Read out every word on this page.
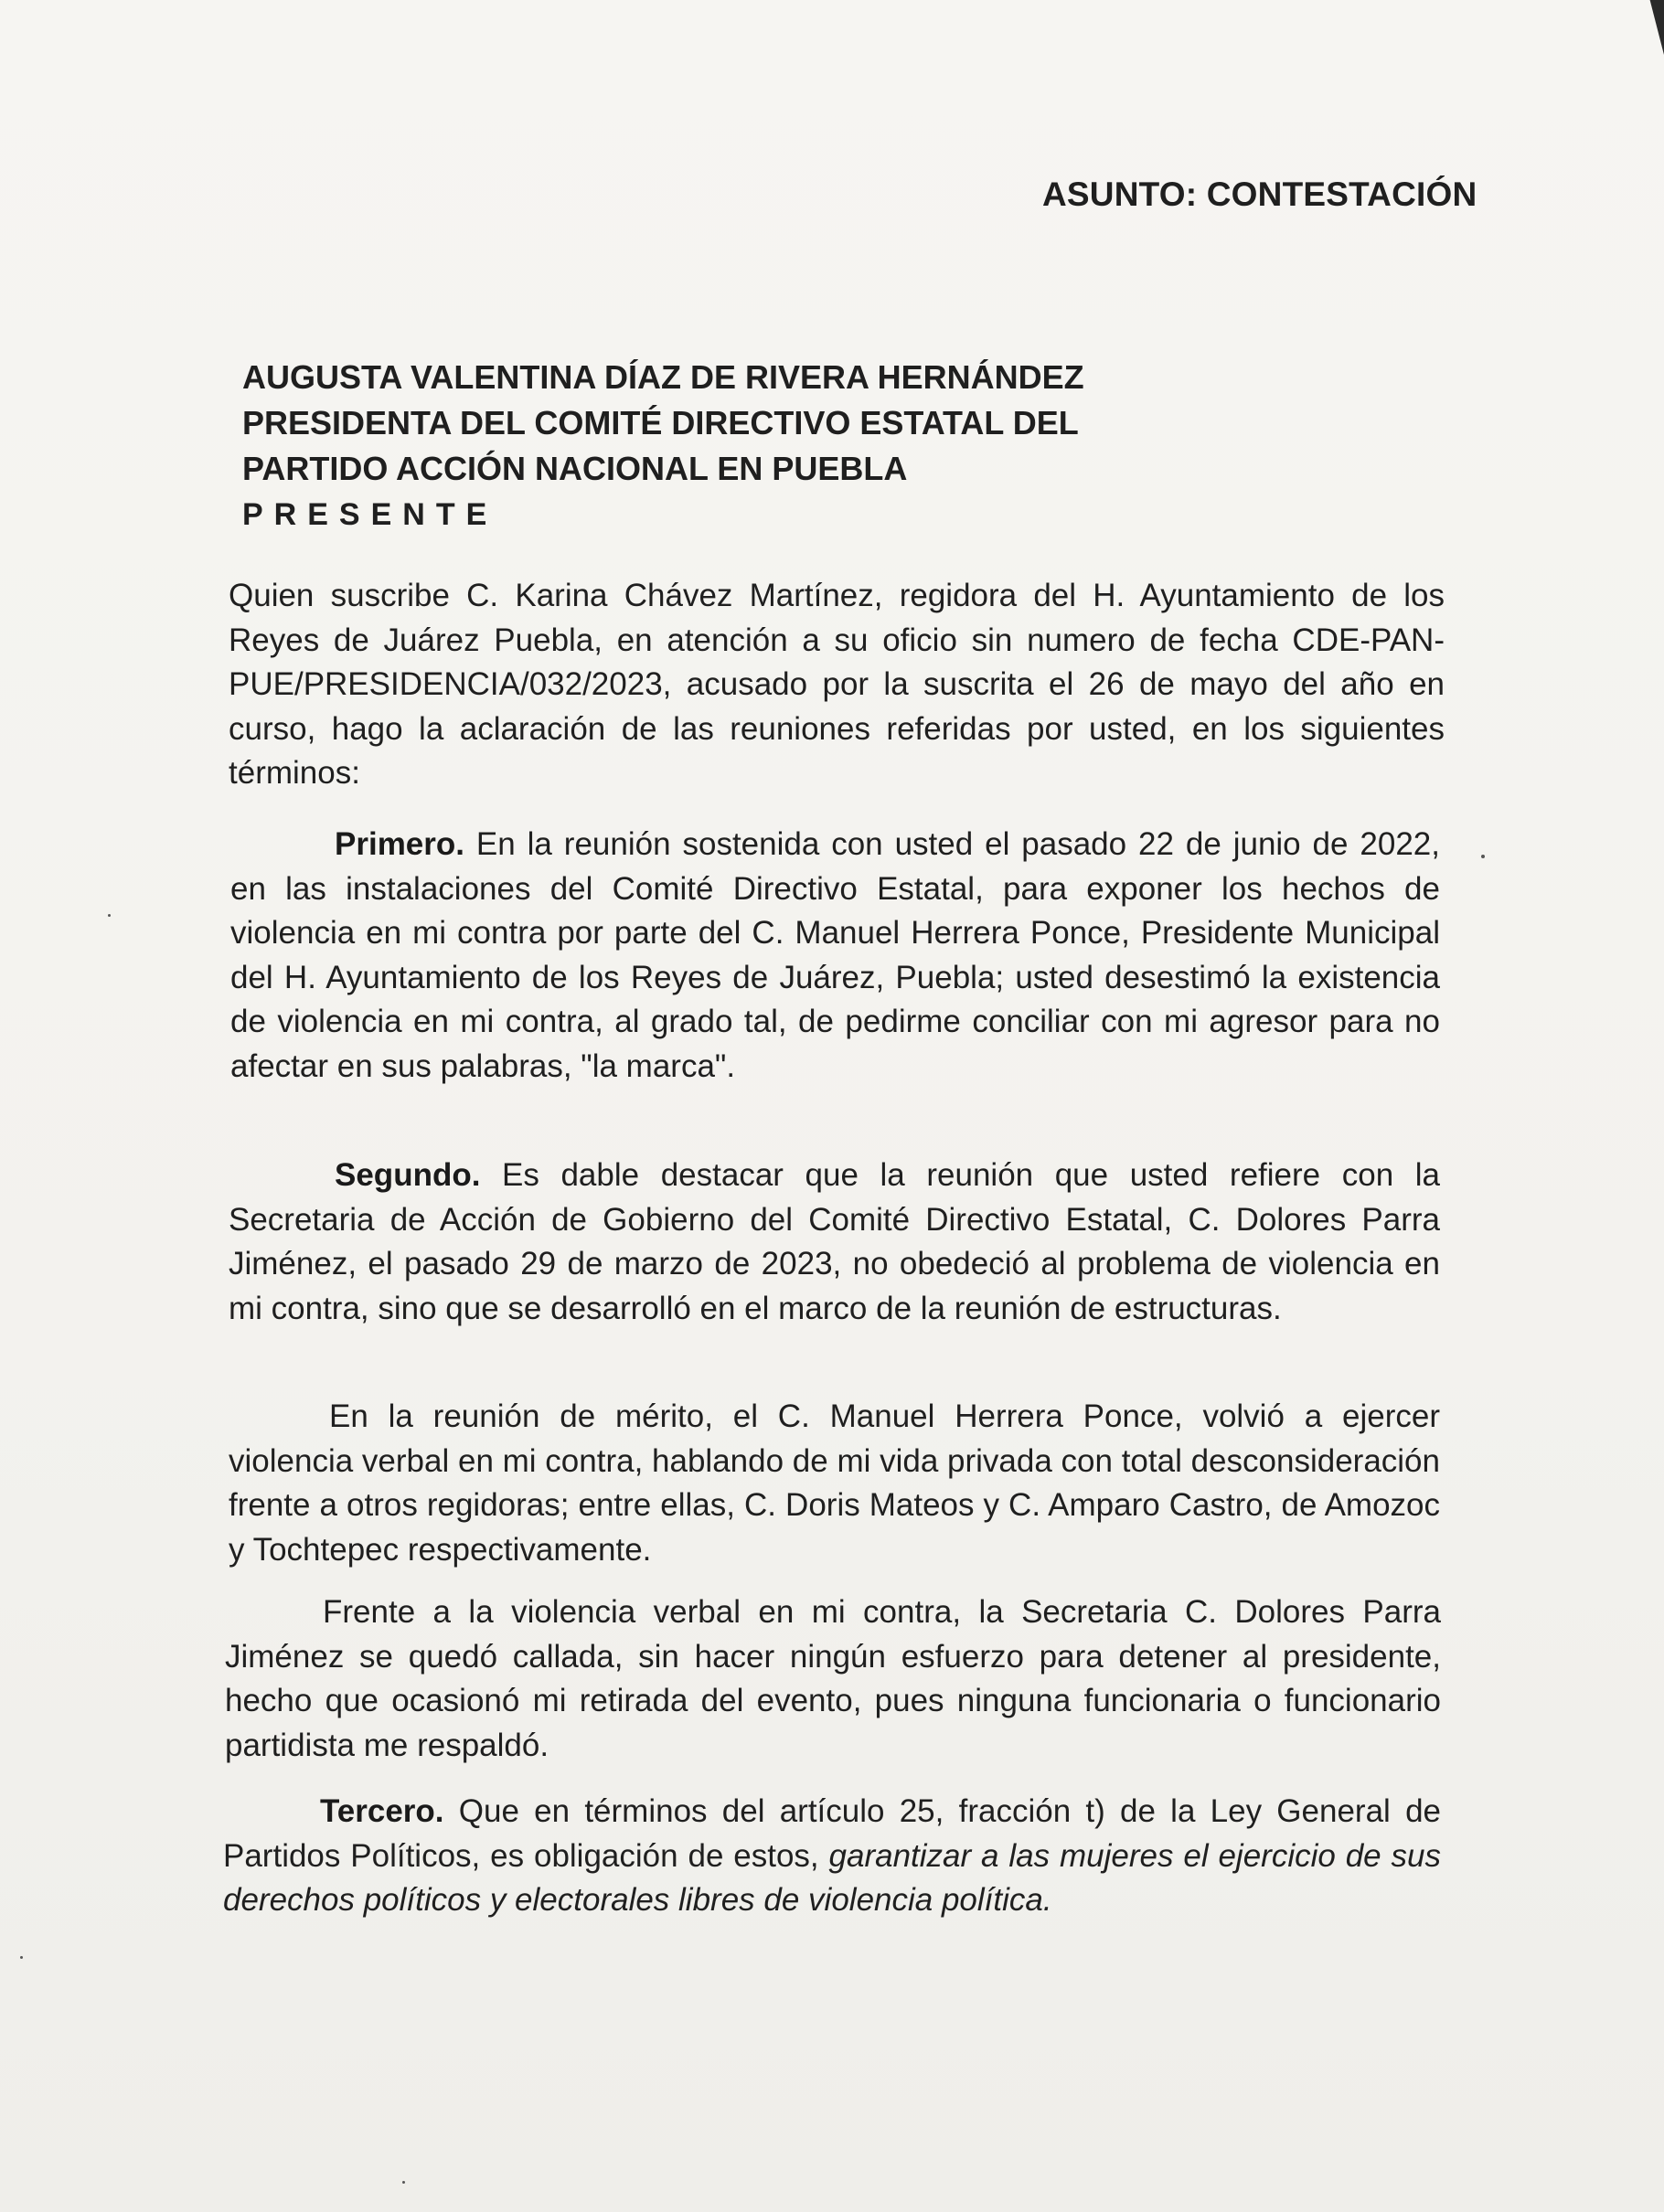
ASUNTO: CONTESTACIÓN
AUGUSTA VALENTINA DÍAZ DE RIVERA HERNÁNDEZ
PRESIDENTA DEL COMITÉ DIRECTIVO ESTATAL DEL
PARTIDO ACCIÓN NACIONAL EN PUEBLA
PRESENTE

Quien suscribe C. Karina Chávez Martínez, regidora del H. Ayuntamiento de los Reyes de Juárez Puebla, en atención a su oficio sin numero de fecha CDE-PAN-PUE/PRESIDENCIA/032/2023, acusado por la suscrita el 26 de mayo del año en curso, hago la aclaración de las reuniones referidas por usted, en los siguientes términos:

Primero. En la reunión sostenida con usted el pasado 22 de junio de 2022, en las instalaciones del Comité Directivo Estatal, para exponer los hechos de violencia en mi contra por parte del C. Manuel Herrera Ponce, Presidente Municipal del H. Ayuntamiento de los Reyes de Juárez, Puebla; usted desestimó la existencia de violencia en mi contra, al grado tal, de pedirme conciliar con mi agresor para no afectar en sus palabras, "la marca".

Segundo. Es dable destacar que la reunión que usted refiere con la Secretaria de Acción de Gobierno del Comité Directivo Estatal, C. Dolores Parra Jiménez, el pasado 29 de marzo de 2023, no obedeció al problema de violencia en mi contra, sino que se desarrolló en el marco de la reunión de estructuras.

En la reunión de mérito, el C. Manuel Herrera Ponce, volvió a ejercer violencia verbal en mi contra, hablando de mi vida privada con total desconsideración frente a otros regidoras; entre ellas, C. Doris Mateos y C. Amparo Castro, de Amozoc y Tochtepec respectivamente.

Frente a la violencia verbal en mi contra, la Secretaria C. Dolores Parra Jiménez se quedó callada, sin hacer ningún esfuerzo para detener al presidente, hecho que ocasionó mi retirada del evento, pues ninguna funcionaria o funcionario partidista me respaldó.

Tercero. Que en términos del artículo 25, fracción t) de la Ley General de Partidos Políticos, es obligación de estos, garantizar a las mujeres el ejercicio de sus derechos políticos y electorales libres de violencia política.
